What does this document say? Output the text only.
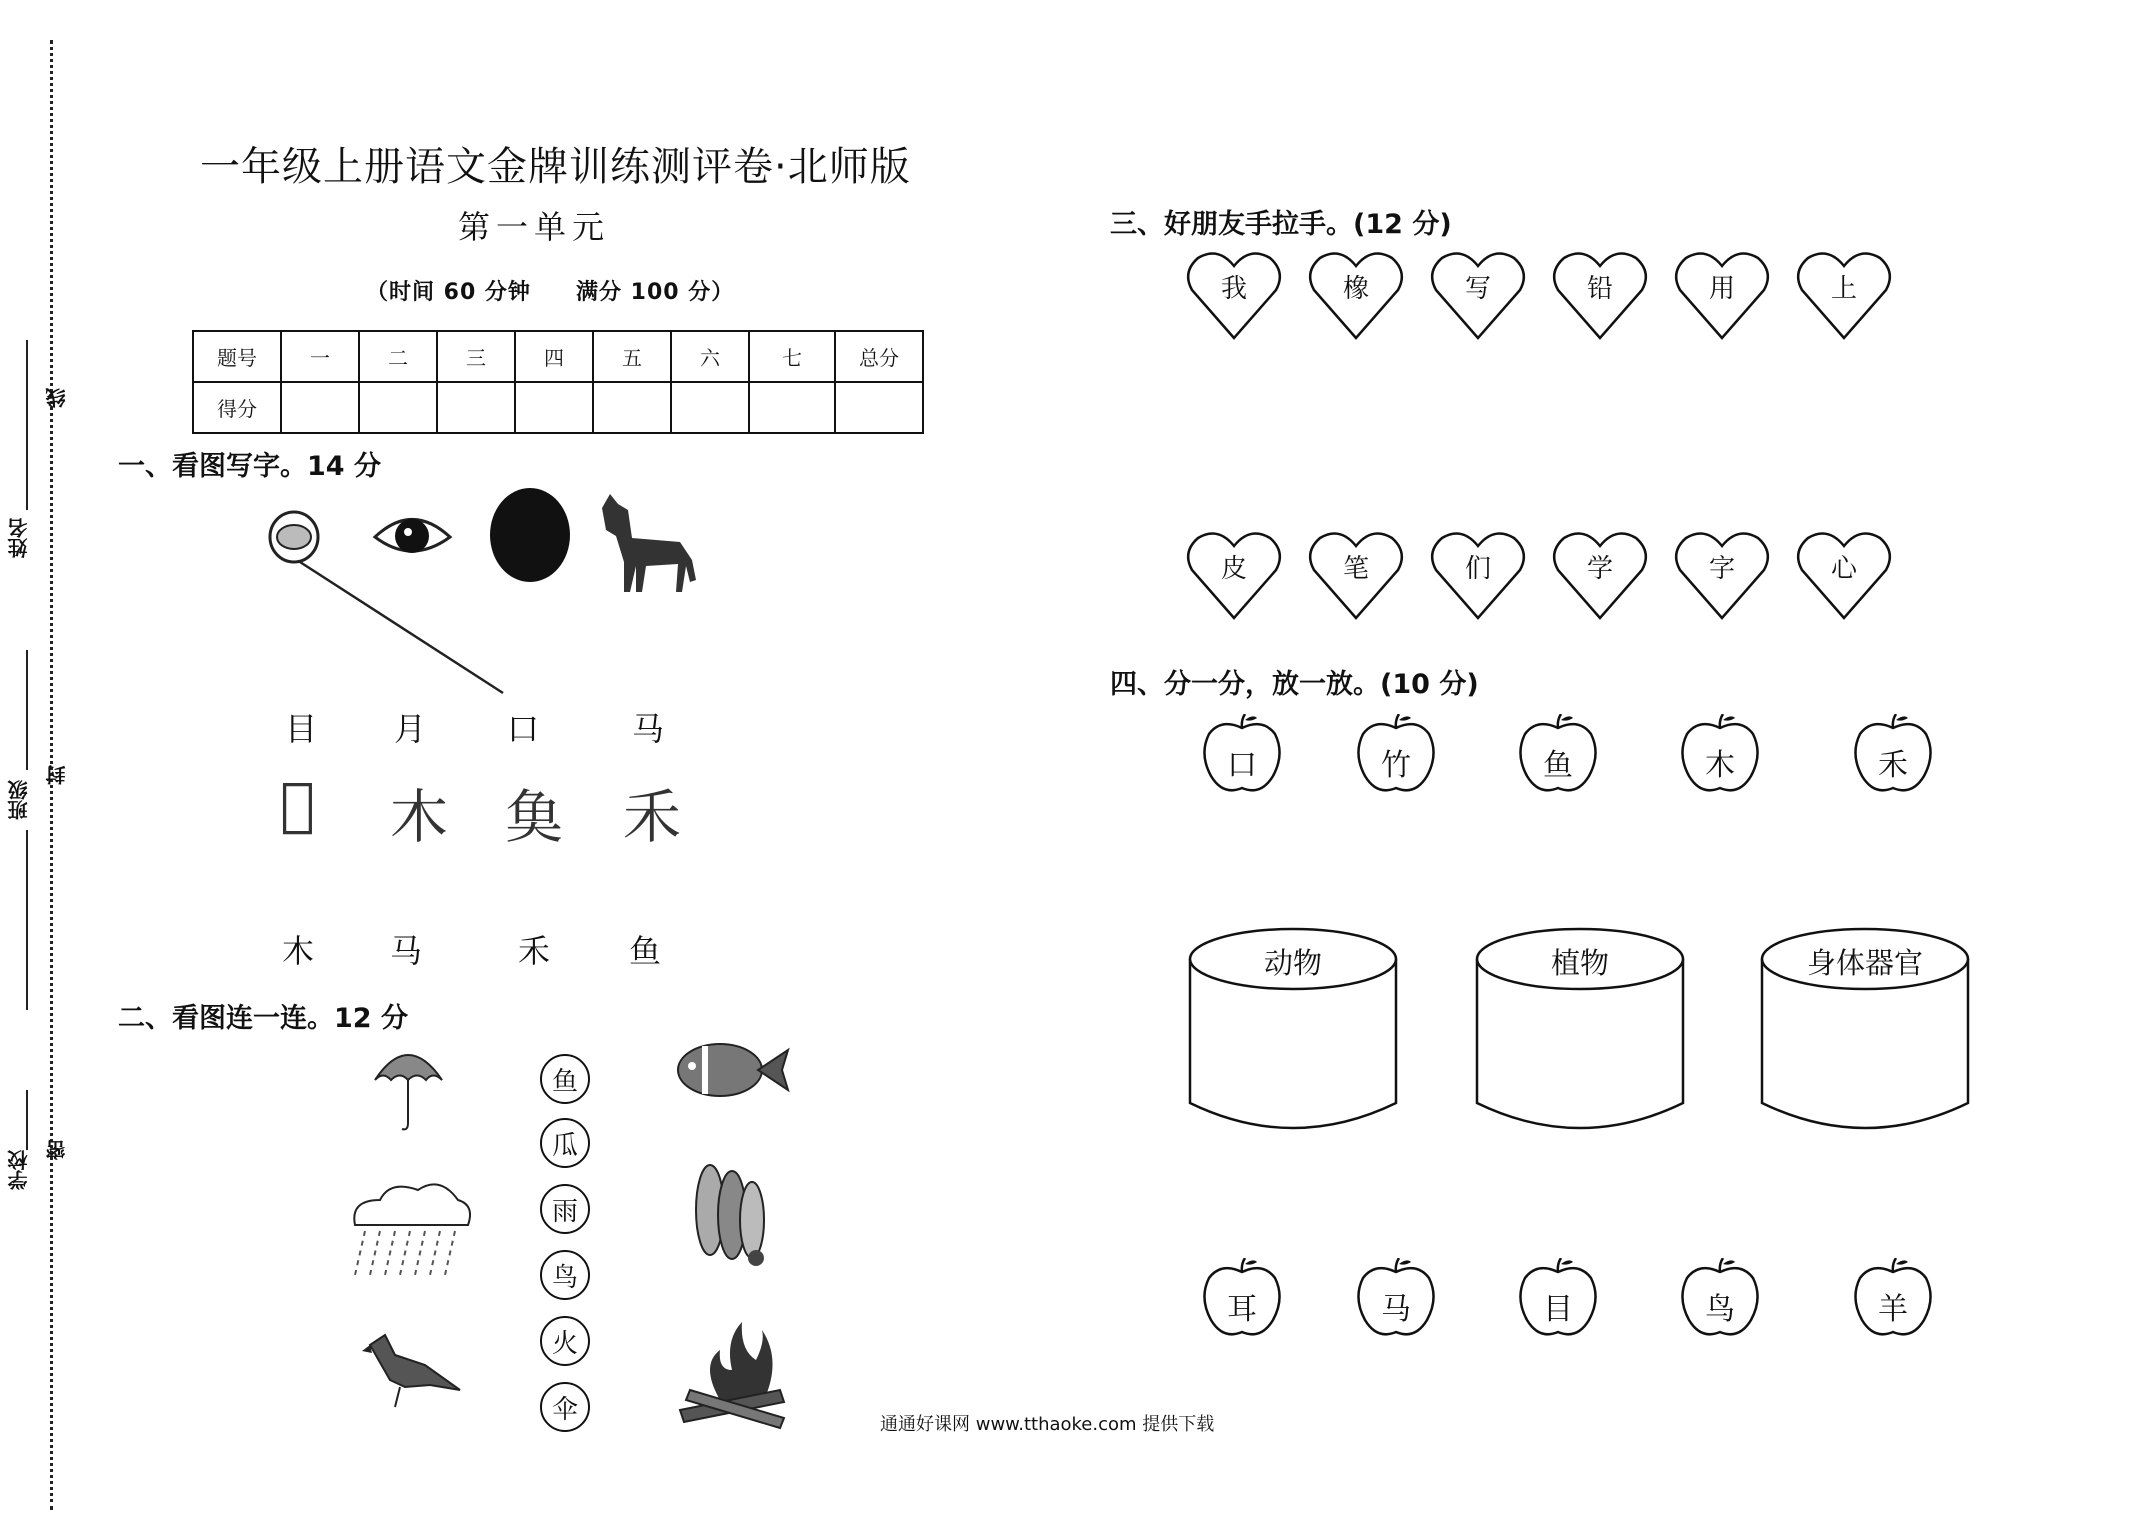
学校 密
班级
封
姓名
线
一年级上册语文金牌训练测评卷·北师版
第一单元
（时间 60 分钟 满分 100 分）
题号	一	二	三	四	五	六	七	总分
得分								
一、看图写字。14 分
目 月	口	马
𫝀 木 𩵋 禾
木 马	禾 鱼
二、看图连一连。12 分
鱼
瓜
雨
鸟
火
伞
三、好朋友手拉手。(12 分)
我	橡	写	铅	用	上
皮	笔	们	学	字	心
四、分一分，放一放。(10 分)
口	竹	鱼	木	禾
动物	植物	身体器官
耳	马	目	鸟	羊
通通好课网 www.tthaoke.com 提供下载
